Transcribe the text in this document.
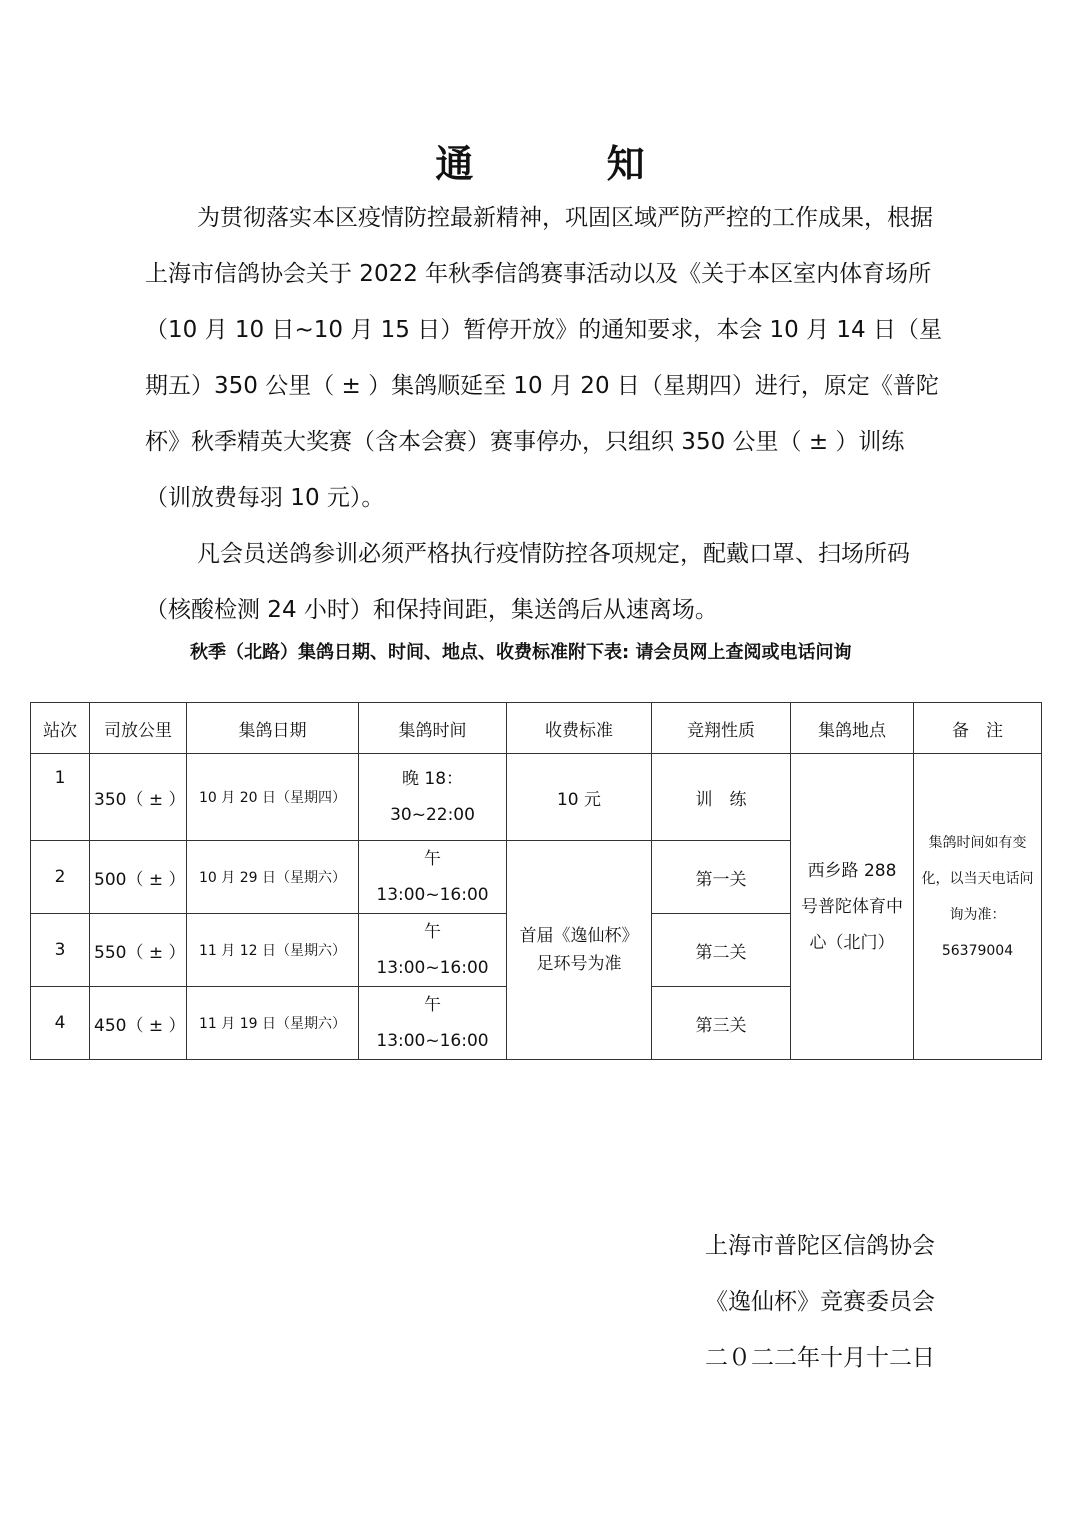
通 知

为贯彻落实本区疫情防控最新精神，巩固区域严防严控的工作成果，根据上海市信鸽协会关于 2022 年秋季信鸽赛事活动以及《关于本区室内体育场所（10 月 10 日~10 月 15 日）暂停开放》的通知要求，本会 10 月 14 日（星期五）350 公里（ ± ）集鸽顺延至 10 月 20 日（星期四）进行，原定《普陀杯》秋季精英大奖赛（含本会赛）赛事停办，只组织 350 公里（ ± ）训练（训放费每羽 10 元）。

凡会员送鸽参训必须严格执行疫情防控各项规定，配戴口罩、扫场所码（核酸检测 24 小时）和保持间距，集送鸽后从速离场。

秋季（北路）集鸽日期、时间、地点、收费标准附下表: 请会员网上查阅或电话问询
站次	司放公里	集鸽日期	集鸽时间	收费标准	竞翔性质	集鸽地点	备　注
1	350（ ± ）	10 月 20 日（星期四）	晚 18：
30~22:00	10 元	训　练	西乡路 288 号普陀体育中心（北门）	集鸽时间如有变化，以当天电话问询为准：56379004

2	500（ ± ）	10 月 29 日（星期六）	午
13:00~16:00	首届《逸仙杯》足环号为准	第一关		
3	550（ ± ）	11 月 12 日（星期六）	午
13:00~16:00		第二关		
4	450（ ± ）	11 月 19 日（星期六）	午
13:00~16:00		第三关		
上海市普陀区信鸽协会
《逸仙杯》竞赛委员会
二０二二年十月十二日
